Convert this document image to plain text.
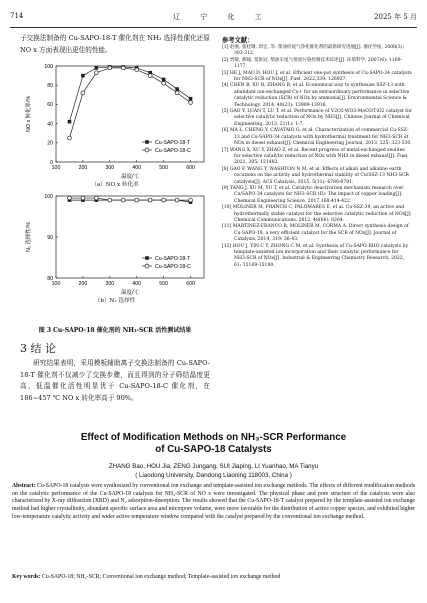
714	辽 宁 化 工	2025 年 5 月
子交换法制备的 Cu-SAPO-18-T 催化剂在 NH₃ 选择性催化还原 NO x 方面表现出更佳的性能。
100	200	300	400	500	600
0
20
40
60
80
100
温度/℃
NO x 转化率/%
Cu-SAPO-18-T
Cu-SAPO-18-C
（a）NO x 转化率
100	200	300	400	500	600
80
90
100
温度/℃
N₂ 选择性/%
Cu-SAPO-18-T
Cu-SAPO-18-C
（b）N₂ 选择性
图 3 Cu-SAPO-18 催化剂的 NH₃-SCR 活性测试结果
3 结 论
研究结果表明，采用模板辅助离子交换法制备的 Cu-SAPO-18-T 催化剂不仅减少了交换步骤，而且得到的分子筛结晶度更高，低温催化活性明显优于 Cu-SAPO-18-C 催化剂，在 186~457 ℃ NO x 转化率高于 90%。
参考文献：
[1] 赵丽, 张桂珊, 周宏, 等. 柴油机尾气净化催化剂的最新研究进展[J]. 催化学报, 2008(3): 303-312.
[2] 贾敬, 郝翰, 景新冠. 柴油车尾气排放污染控制技术综述[J]. 环境科学, 2007(6): 1169-1177.
[3] HE J, MAO D, HOU J, et al. Efficient one-pot synthesis of Cu-SAPO-34 catalysts for NH3-SCR of NOx[J]. Fuel, 2022,339: 126927.
[4] CHEN B, XU R, ZHANG R, et al. Economical way to synthesize SSZ-13 with abundant ion-exchanged Cu+ for an extraordinary performance in selective catalytic reduction (SCR) of NOx by ammonia[J]. Environmental Science & Technology, 2014, 48(23): 13909-13916.
[5] GAO Y, LUAN T, LU T, et al. Performance of V2O5-WO3-MoO3/TiO2 catalyst for selective catalytic reduction of NOx by NH3[J]. Chinese Journal of Chemical Engineering, 2013, 21(1): 1-7.
[6] MA L, CHENG Y, CAVATAIO G, et al. Characterization of commercial Cu-SSZ-13 and Cu-SAPO-34 catalysts with hydrothermal treatment for NH3-SCR of NOx in diesel exhaust[J]. Chemical Engineering Journal, 2013, 225: 323-330.
[7] WANG X, XU Y, ZHAO Z, et al. Recent progress of metal-exchanged zeolites for selective catalytic reduction of NOx with NH3 in diesel exhaust[J]. Fuel, 2021, 305: 121482.
[8] GAO F, WANG Y, WASHTON N M, et al. Effects of alkali and alkaline earth cocations on the activity and hydrothermal stability of Cu/SSZ-13 NH3-SCR catalysts[J]. ACS Catalysis, 2015, 5(11): 6780-6791.
[9] TANG J, XU M, YU T, et al. Catalytic deactivation mechanism research over Cu/SAPO-34 catalysts for NH3-SCR (II): The impact of copper loading[J]. Chemical Engineering Science, 2017,168:414-422.
[10] MOLINER M, FRANCH C, PALOMARES E, et al. Cu-SSZ-39, an active and hydrothermally stable catalyst for the selective catalytic reduction of NOx[J]. Chemical Communications, 2012, 48(66): 8264.
[11] MARTINEZ-FRANCO R, MOLINER M, CORMA A. Direct synthesis design of Cu-SAPO-18, a very efficient catalyst for the SCR of NOx[J]. Journal of Catalysis, 2014, 319: 36-43.
[12] HOU J, YIN C Y, ZHONG C M, et al. Synthesis of Cu-SAPO-RHO catalysts by template-assisted ion incorporation and their catalytic performance for NH3-SCR of NOx[J]. Industrial & Engineering Chemistry Research, 2022, 61: 15169-15180.
Effect of Modification Methods on NH₃-SCR Performance
of Cu-SAPO-18 Catalysts
ZHANG Bao, HOU Jia, ZENG Jungang, SUI Jiaping, LI Yuanhao, MA Tianyu
( Liaodong University, Dandong Liaoning 118003, China )
Abstract: Cu-SAPO-18 catalysts were synthesized by conventional ion exchange and template-assisted ion exchange methods. The effects of different modification methods on the catalytic performance of the Cu-SAPO-18 catalysts for NH₃-SCR of NO x were investigated. The physical phase and pore structure of the catalysts were also characterized by X-ray diffraction (XRD) and N₂ adsorption-desorption. The results showed that the Cu-SAPO-18-T catalyst prepared by the template-assisted ion exchange method had higher crystallinity, abundant specific surface area and micropore volume, were more favorable for the distribution of active copper species, and exhibited higher low-temperature catalytic activity and wider active temperature window compared with the catalyst prepared by the conventional ion exchange method.
Key words: Cu-SAPO-18; NH₃-SCR; Conventional ion exchange method; Template-assisted ion exchange method
